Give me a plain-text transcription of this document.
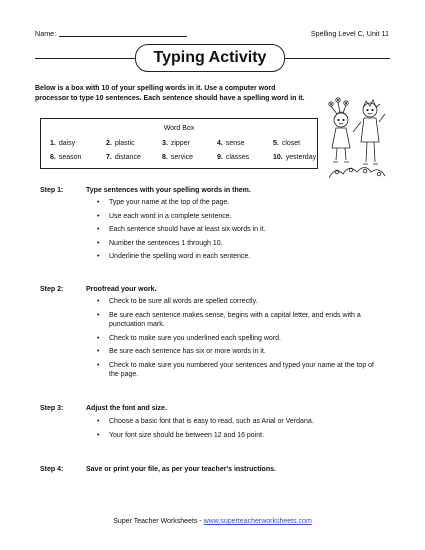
Name:	Spelling Level C, Unit 11
Typing Activity
Below is a box with 10 of your spelling words in it. Use a computer word processor to type 10 sentences. Each sentence should have a spelling word in it.
Word Box
1. daisy	2. plastic	3. zipper	4. sense	5. closet
6. season	7. distance	8. service	9. classes	10. yesterday
Step 1:	Type sentences with your spelling words in them.
• Type your name at the top of the page.
• Use each word in a complete sentence.
• Each sentence should have at least six words in it.
• Number the sentences 1 through 10.
• Underline the spelling word in each sentence.
Step 2:	Proofread your work.
• Check to be sure all words are spelled correctly.
• Be sure each sentence makes sense, begins with a capital letter, and ends with a punctuation mark.
• Check to make sure you underlined each spelling word.
• Be sure each sentence has six or more words in it.
• Check to make sure you numbered your sentences and typed your name at the top of the page.
Step 3:	Adjust the font and size.
• Choose a basic font that is easy to read, such as Arial or Verdana.
• Your font size should be between 12 and 16 point.
Step 4:	Save or print your file, as per your teacher's instructions.
Super Teacher Worksheets - www.superteacherworksheets.com
